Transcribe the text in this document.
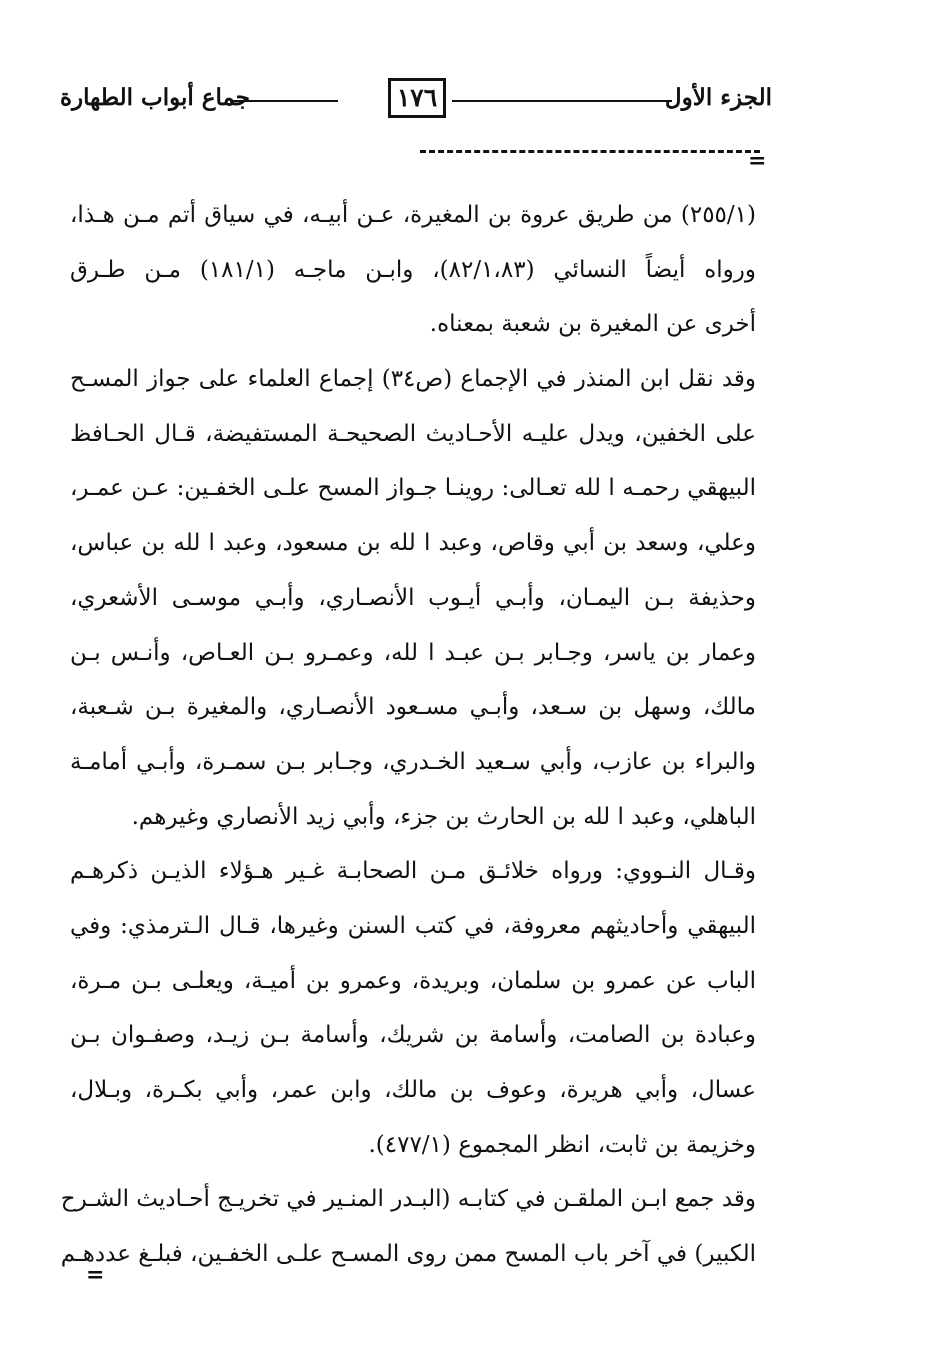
الجزء الأول
١٧٦
جماع أبواب الطهارة
=
(٢٥٥/١) من طريق عروة بن المغيرة، عـن أبيـه، في سياق أتم مـن هـذا،
ورواه أيضاً النسائي (٨٢/١،٨٣)، وابـن ماجـه (١٨١/١) مـن طـرق
أخرى عن المغيرة بن شعبة بمعناه.
وقد نقل ابن المنذر في الإجماع (ص٣٤) إجماع العلماء على جواز المسـح
على الخفين، ويدل عليـه الأحـاديث الصحيحـة المستفيضة، قـال الحـافظ
البيهقي رحمـه ا لله تعـالى: روينـا جـواز المسح علـى الخفـين: عـن عمـر،
وعلي، وسعد بن أبي وقاص، وعبد ا لله بن مسعود، وعبد ا لله بن عباس،
وحذيفة بـن اليمـان، وأبـي أيـوب الأنصـاري، وأبـي موسـى الأشعري،
وعمار بن ياسر، وجـابر بـن عبـد ا لله، وعمـرو بـن العـاص، وأنـس بـن
مالك، وسهل بن سـعد، وأبـي مسـعود الأنصـاري، والمغيرة بـن شـعبة،
والبراء بن عازب، وأبي سـعيد الخـدري، وجـابر بـن سمـرة، وأبـي أمامـة
الباهلي، وعبد ا لله بن الحارث بن جزء، وأبي زيد الأنصاري وغيرهم.
وقـال النـووي: ورواه خلائـق مـن الصحابـة غـير هـؤلاء الذيـن ذكرهـم
البيهقي وأحاديثهم معروفة، في كتب السنن وغيرها، قـال الـترمذي: وفي
الباب عن عمرو بن سلمان، وبريدة، وعمرو بن أميـة، ويعلـى بـن مـرة،
وعبادة بن الصامت، وأسامة بن شريك، وأسامة بـن زيـد، وصفـوان بـن
عسال، وأبي هريرة، وعوف بن مالك، وابن عمر، وأبي بكـرة، وبـلال،
وخزيمة بن ثابت، انظر المجموع (٤٧٧/١).
وقد جمع ابـن الملقـن في كتابـه (البـدر المنـير في تخريـج أحـاديث الشـرح
الكبير) في آخر باب المسح ممن روى المسـح علـى الخفـين، فبلـغ عددهـم
=
